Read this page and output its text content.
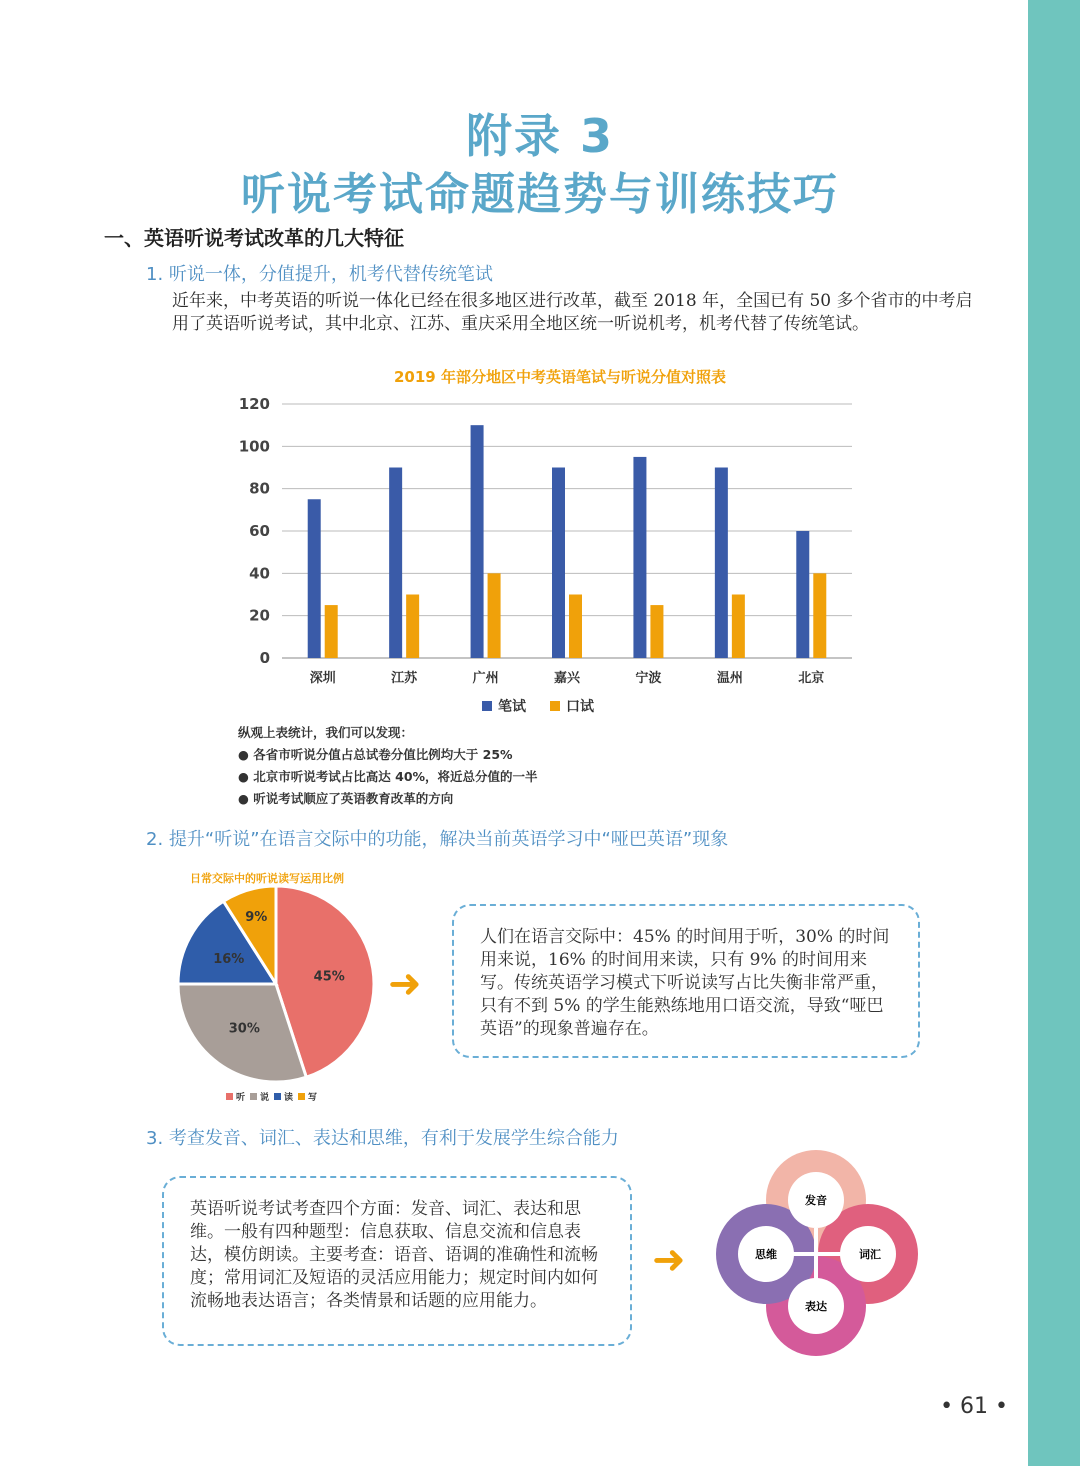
附录 3
听说考试命题趋势与训练技巧
一、英语听说考试改革的几大特征
1. 听说一体，分值提升，机考代替传统笔试
近年来，中考英语的听说一体化已经在很多地区进行改革，截至 2018 年，全国已有 50 多个省市的中考启用了英语听说考试，其中北京、江苏、重庆采用全地区统一听说机考，机考代替了传统笔试。
2019 年部分地区中考英语笔试与听说分值对照表
0
20
40
60
80
100
120
深圳	江苏	广州	嘉兴	宁波	温州	北京
笔试	口试
纵观上表统计，我们可以发现：
● 各省市听说分值占总试卷分值比例均大于 25%
● 北京市听说考试占比高达 40%，将近总分值的一半
● 听说考试顺应了英语教育改革的方向
2. 提升“听说”在语言交际中的功能，解决当前英语学习中“哑巴英语”现象
日常交际中的听说读写运用比例
45%
30%
16%
9%
听 说 读 写
➜
人们在语言交际中：45% 的时间用于听，30% 的时间用来说，16% 的时间用来读，只有 9% 的时间用来写。传统英语学习模式下听说读写占比失衡非常严重，只有不到 5% 的学生能熟练地用口语交流，导致“哑巴英语”的现象普遍存在。
3. 考查发音、词汇、表达和思维，有利于发展学生综合能力
英语听说考试考查四个方面：发音、词汇、表达和思维。一般有四种题型：信息获取、信息交流和信息表达，模仿朗读。主要考查：语音、语调的准确性和流畅度；常用词汇及短语的灵活应用能力；规定时间内如何流畅地表达语言；各类情景和话题的应用能力。
➜
发音
词汇
表达
思维
• 61 •
